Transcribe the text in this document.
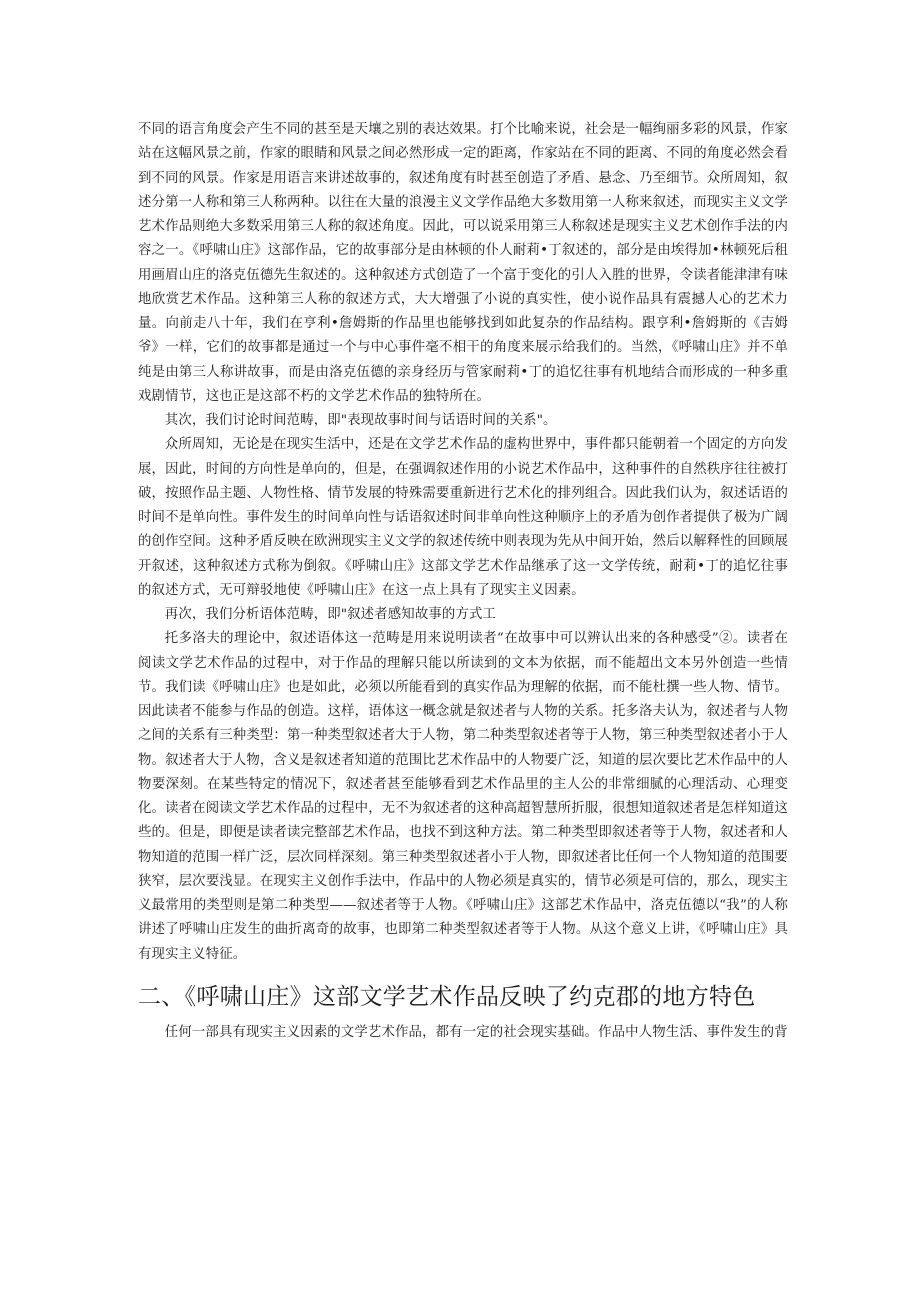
不同的语言角度会产生不同的甚至是天壤之别的表达效果。打个比喻来说，社会是一幅绚丽多彩的风景，作家站在这幅风景之前，作家的眼睛和风景之间必然形成一定的距离，作家站在不同的距离、不同的角度必然会看到不同的风景。作家是用语言来讲述故事的，叙述角度有时甚至创造了矛盾、悬念、乃至细节。众所周知，叙述分第一人称和第三人称两种。以往在大量的浪漫主义文学作品绝大多数用第一人称来叙述，而现实主义文学艺术作品则绝大多数采用第三人称的叙述角度。因此，可以说采用第三人称叙述是现实主义艺术创作手法的内容之一。《呼啸山庄》这部作品，它的故事部分是由林顿的仆人耐莉•丁叙述的，部分是由埃得加•林顿死后租用画眉山庄的洛克伍德先生叙述的。这种叙述方式创造了一个富于变化的引人入胜的世界，令读者能津津有味地欣赏艺术作品。这种第三人称的叙述方式，大大增强了小说的真实性，使小说作品具有震撼人心的艺术力量。向前走八十年，我们在亨利•詹姆斯的作品里也能够找到如此复杂的作品结构。跟亨利•詹姆斯的《吉姆爷》一样，它们的故事都是通过一个与中心事件毫不相干的角度来展示给我们的。当然，《呼啸山庄》并不单纯是由第三人称讲故事，而是由洛克伍德的亲身经历与管家耐莉•丁的追忆往事有机地结合而形成的一种多重戏剧情节，这也正是这部不朽的文学艺术作品的独特所在。

其次，我们讨论时间范畴，即"表现故事时间与话语时间的关系"。

众所周知，无论是在现实生活中，还是在文学艺术作品的虚构世界中，事件都只能朝着一个固定的方向发展，因此，时间的方向性是单向的，但是，在强调叙述作用的小说艺术作品中，这种事件的自然秩序往往被打破，按照作品主题、人物性格、情节发展的特殊需要重新进行艺术化的排列组合。因此我们认为，叙述话语的时间不是单向性。事件发生的时间单向性与话语叙述时间非单向性这种顺序上的矛盾为创作者提供了极为广阔的创作空间。这种矛盾反映在欧洲现实主义文学的叙述传统中则表现为先从中间开始，然后以解释性的回顾展开叙述，这种叙述方式称为倒叙。《呼啸山庄》这部文学艺术作品继承了这一文学传统，耐莉•丁的追忆往事的叙述方式，无可辩驳地使《呼啸山庄》在这一点上具有了现实主义因素。

再次，我们分析语体范畴，即"叙述者感知故事的方式工

托多洛夫的理论中，叙述语体这一范畴是用来说明读者“在故事中可以辨认出来的各种感受”②。读者在阅读文学艺术作品的过程中，对于作品的理解只能以所读到的文本为依据，而不能超出文本另外创造一些情节。我们读《呼啸山庄》也是如此，必须以所能看到的真实作品为理解的依据，而不能杜撰一些人物、情节。因此读者不能参与作品的创造。这样，语体这一概念就是叙述者与人物的关系。托多洛夫认为，叙述者与人物之间的关系有三种类型：第一种类型叙述者大于人物，第二种类型叙述者等于人物，第三种类型叙述者小于人物。叙述者大于人物，含义是叙述者知道的范围比艺术作品中的人物要广泛，知道的层次要比艺术作品中的人物要深刻。在某些特定的情况下，叙述者甚至能够看到艺术作品里的主人公的非常细腻的心理活动、心理变化。读者在阅读文学艺术作品的过程中，无不为叙述者的这种高超智慧所折服，很想知道叙述者是怎样知道这些的。但是，即便是读者读完整部艺术作品，也找不到这种方法。第二种类型即叙述者等于人物，叙述者和人物知道的范围一样广泛，层次同样深刻。第三种类型叙述者小于人物，即叙述者比任何一个人物知道的范围要狭窄，层次要浅显。在现实主义创作手法中，作品中的人物必须是真实的，情节必须是可信的，那么，现实主义最常用的类型则是第二种类型——叙述者等于人物。《呼啸山庄》这部艺术作品中，洛克伍德以“我”的人称讲述了呼啸山庄发生的曲折离奇的故事，也即第二种类型叙述者等于人物。从这个意义上讲，《呼啸山庄》具有现实主义特征。

二、《呼啸山庄》这部文学艺术作品反映了约克郡的地方特色

任何一部具有现实主义因素的文学艺术作品，都有一定的社会现实基础。作品中人物生活、事件发生的背
